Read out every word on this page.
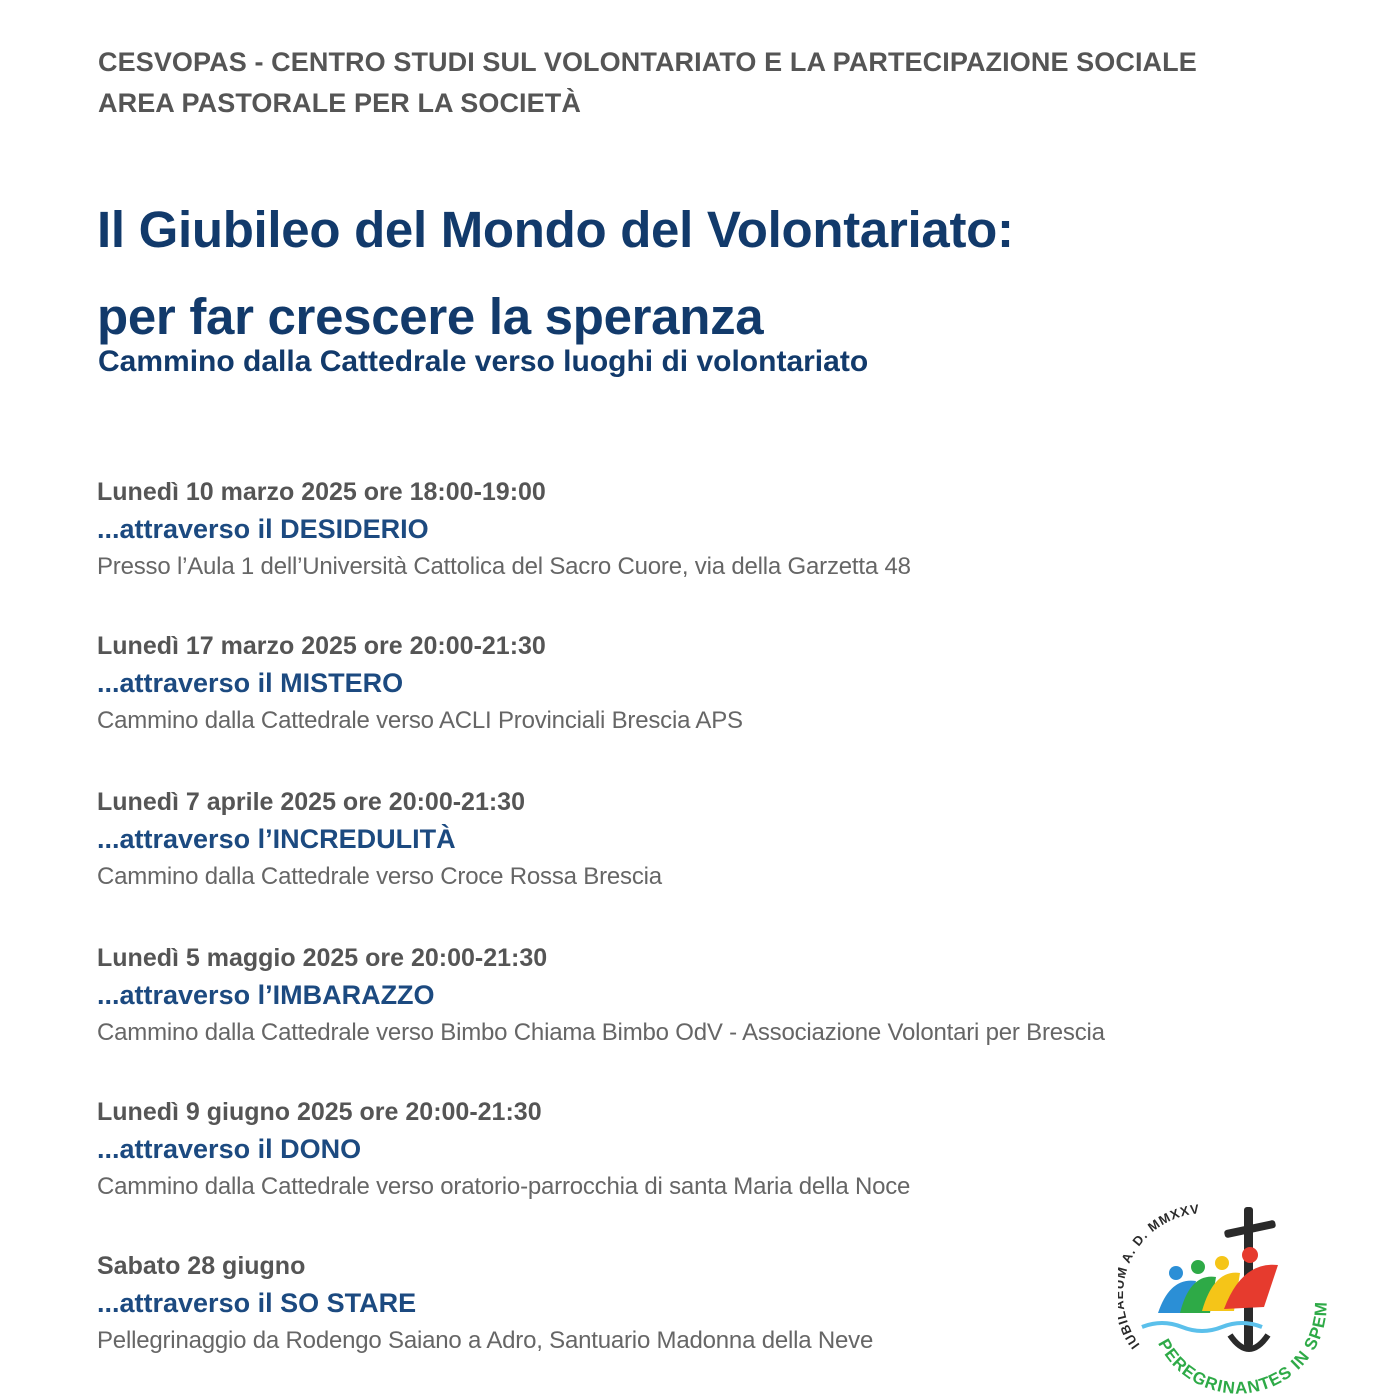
CESVOPAS - CENTRO STUDI SUL VOLONTARIATO E LA PARTECIPAZIONE SOCIALE
AREA PASTORALE PER LA SOCIETÀ
Il Giubileo del Mondo del Volontariato:
per far crescere la speranza
Cammino dalla Cattedrale verso luoghi di volontariato
Lunedì 10 marzo 2025 ore 18:00-19:00
...attraverso il DESIDERIO
Presso l’Aula 1 dell’Università Cattolica del Sacro Cuore, via della Garzetta 48
Lunedì 17 marzo 2025 ore 20:00-21:30
...attraverso il MISTERO
Cammino dalla Cattedrale verso ACLI Provinciali Brescia APS
Lunedì 7 aprile 2025 ore 20:00-21:30
...attraverso l’INCREDULITÀ
Cammino dalla Cattedrale verso Croce Rossa Brescia
Lunedì 5 maggio 2025 ore 20:00-21:30
...attraverso l’IMBARAZZO
Cammino dalla Cattedrale verso Bimbo Chiama Bimbo OdV - Associazione Volontari per Brescia
Lunedì 9 giugno 2025 ore 20:00-21:30
...attraverso il DONO
Cammino dalla Cattedrale verso oratorio-parrocchia di santa Maria della Noce
Sabato 28 giugno
...attraverso il SO STARE
Pellegrinaggio da Rodengo Saiano a Adro, Santuario Madonna della Neve	IUB A. D. MMXXV
PEREGRINANTES IN SPE
